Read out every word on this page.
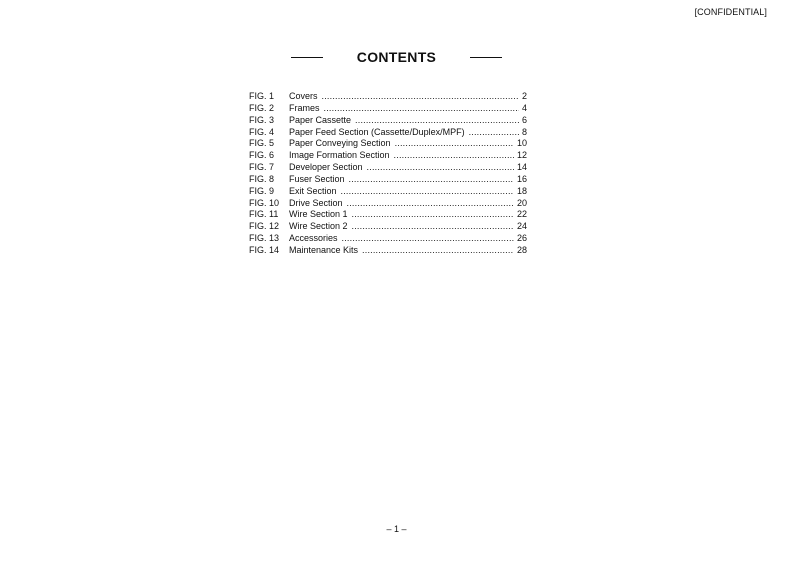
[CONFIDENTIAL]
CONTENTS
FIG. 1	Covers .....	2
FIG. 2	Frames .....	4
FIG. 3	Paper Cassette .....	6
FIG. 4	Paper Feed Section (Cassette/Duplex/MPF) .....	8
FIG. 5	Paper Conveying Section .....	10
FIG. 6	Image Formation Section .....	12
FIG. 7	Developer Section .....	14
FIG. 8	Fuser Section .....	16
FIG. 9	Exit Section .....	18
FIG. 10	Drive Section .....	20
FIG. 11	Wire Section 1 .....	22
FIG. 12	Wire Section 2 .....	24
FIG. 13	Accessories .....	26
FIG. 14	Maintenance Kits .....	28
– 1 –
